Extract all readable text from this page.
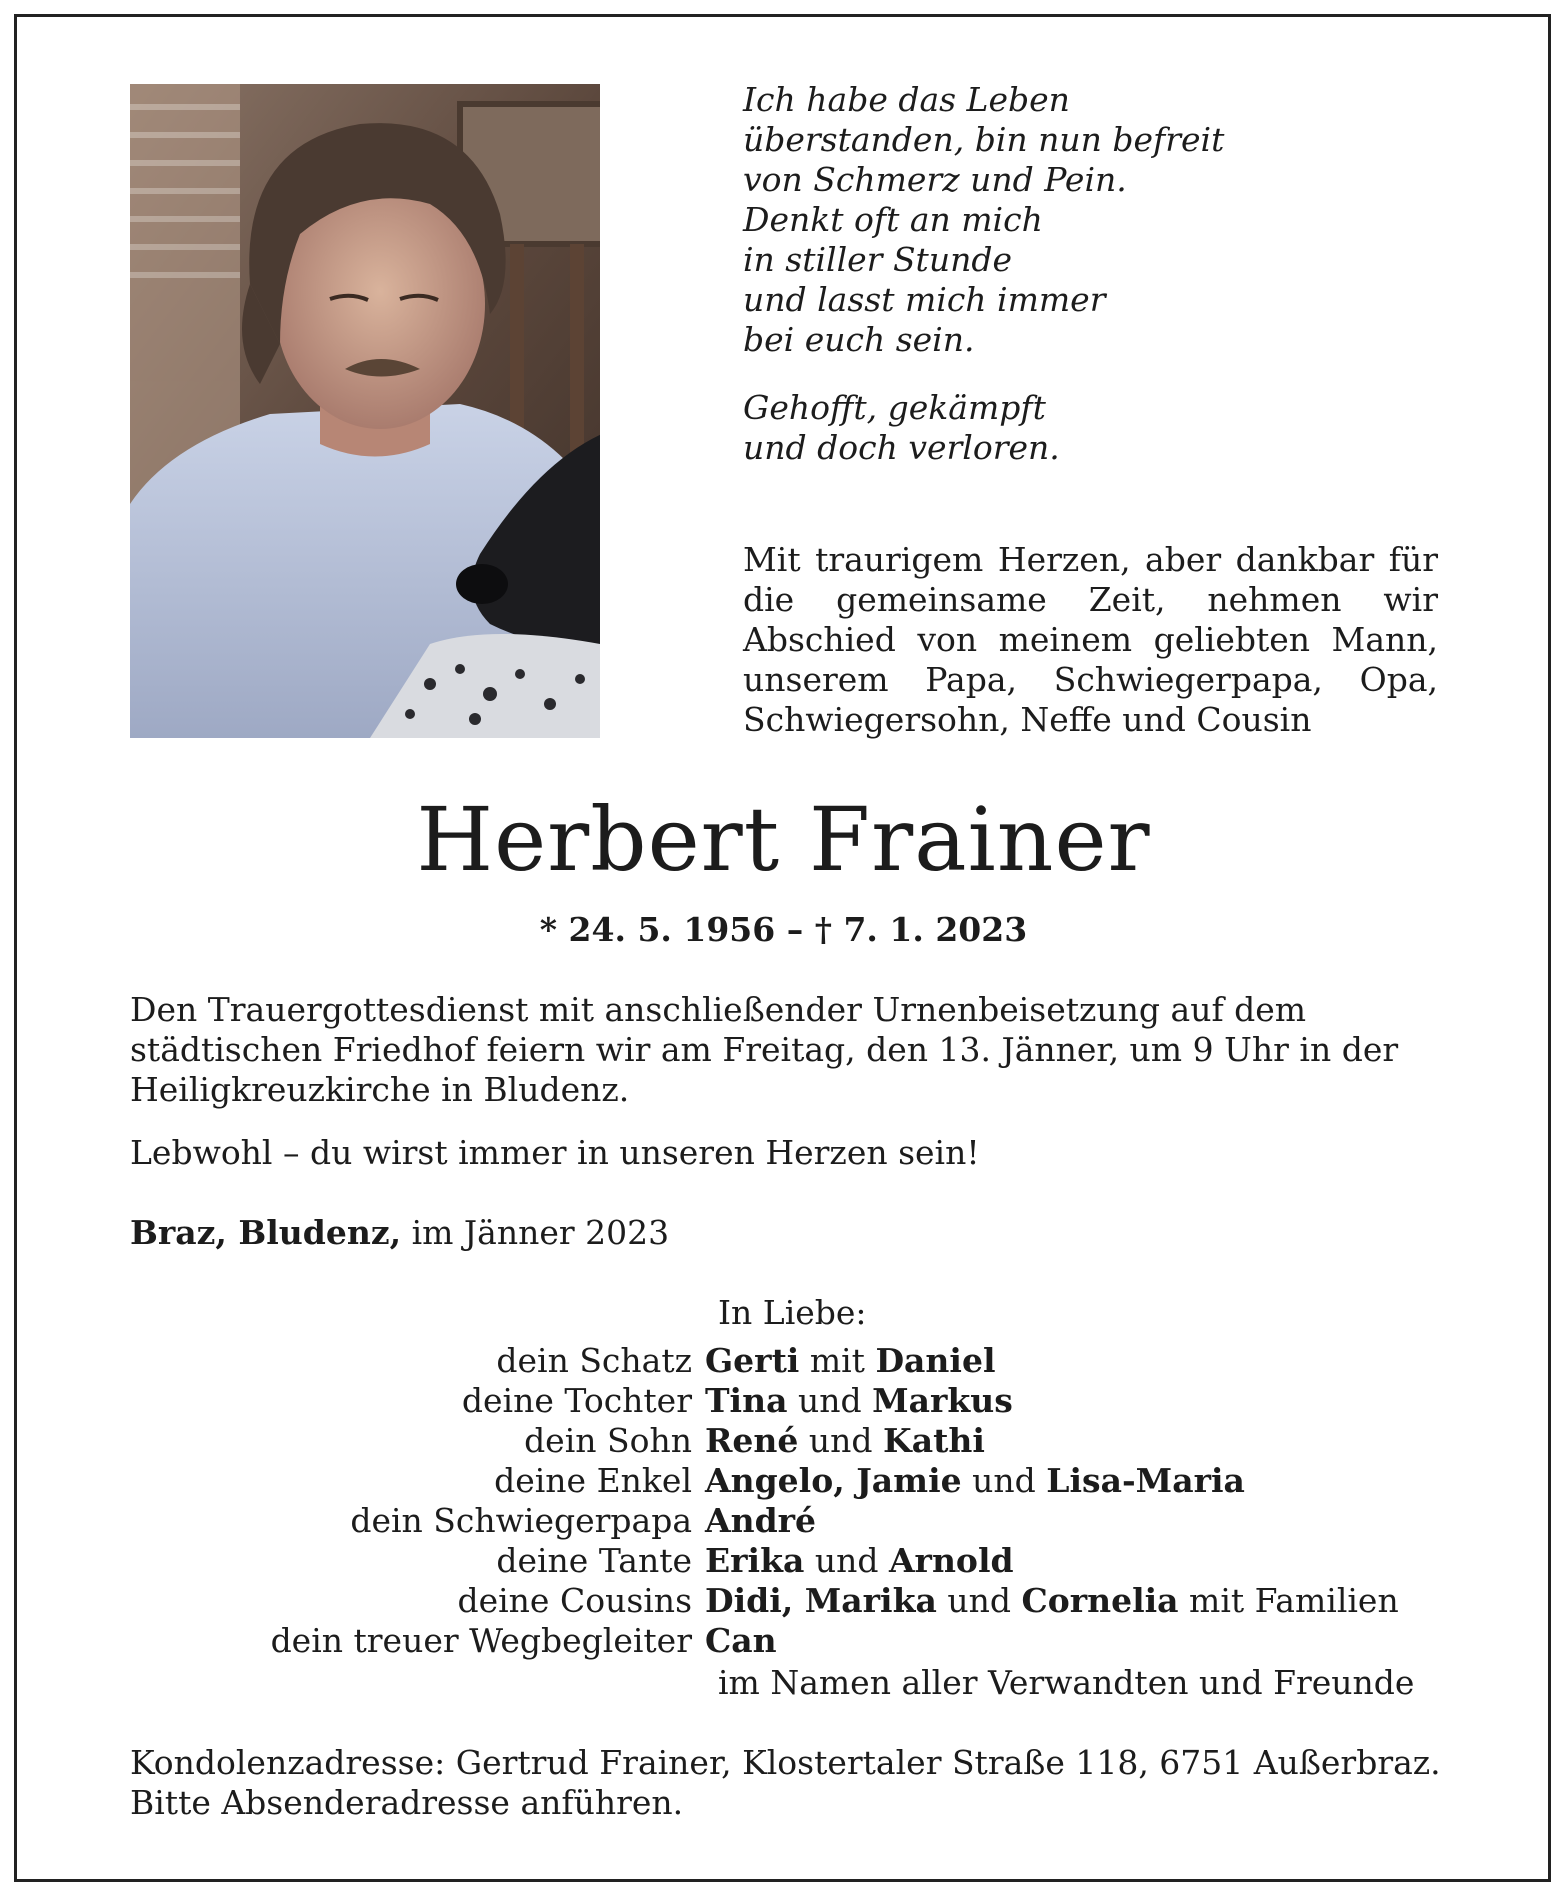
Ich habe das Leben
überstanden, bin nun befreit
von Schmerz und Pein.
Denkt oft an mich
in stiller Stunde
und lasst mich immer
bei euch sein.

Gehofft, gekämpft
und doch verloren.

Mit traurigem Herzen, aber dankbar für die gemeinsame Zeit, nehmen wir Abschied von meinem geliebten Mann, unserem Papa, Schwiegerpapa, Opa, Schwiegersohn, Neffe und Cousin

Herbert Frainer
* 24. 5. 1956 – † 7. 1. 2023

Den Trauergottesdienst mit anschließender Urnenbeisetzung auf dem städtischen Friedhof feiern wir am Freitag, den 13. Jänner, um 9 Uhr in der Heiligkreuzkirche in Bludenz.

Lebwohl – du wirst immer in unseren Herzen sein!

Braz, Bludenz, im Jänner 2023

In Liebe:
dein Schatz Gerti mit Daniel
deine Tochter Tina und Markus
dein Sohn René und Kathi
deine Enkel Angelo, Jamie und Lisa-Maria
dein Schwiegerpapa André
deine Tante Erika und Arnold
deine Cousins Didi, Marika und Cornelia mit Familien
dein treuer Wegbegleiter Can
im Namen aller Verwandten und Freunde
Kondolenzadresse: Gertrud Frainer, Klostertaler Straße 118, 6751 Außerbraz.
Bitte Absenderadresse anführen.
